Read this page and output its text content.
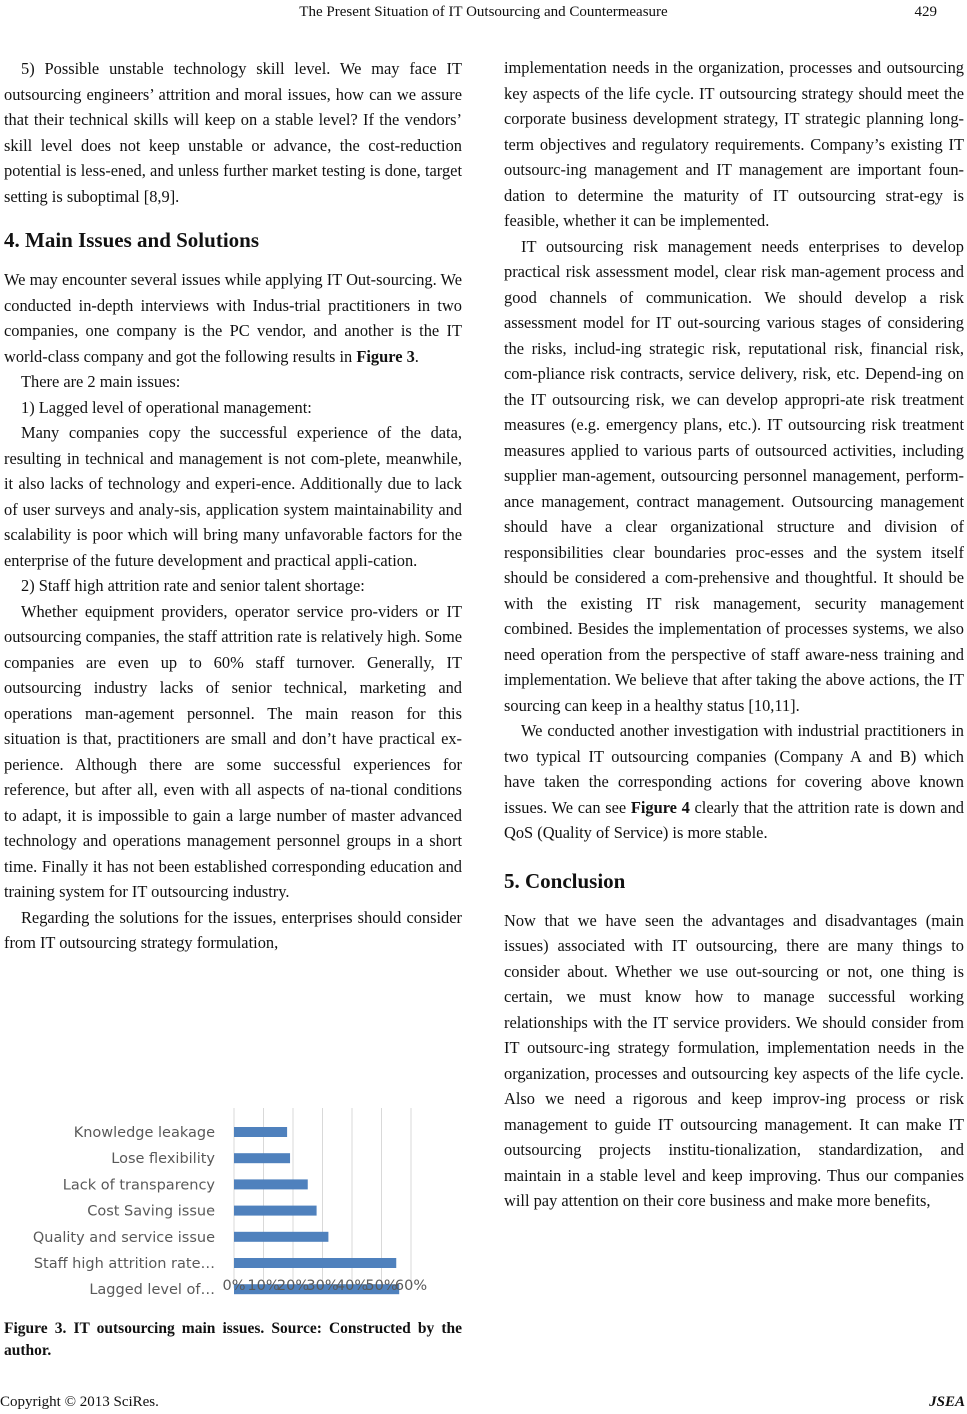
The Present Situation of IT Outsourcing and Countermeasure	429

5) Possible unstable technology skill level. We may face IT outsourcing engineers’ attrition and moral issues, how can we assure that their technical skills will keep on a stable level? If the vendors’ skill level does not keep unstable or advance, the cost-reduction potential is less-ened, and unless further market testing is done, target setting is suboptimal [8,9].

4. Main Issues and Solutions

We may encounter several issues while applying IT Out-sourcing. We conducted in-depth interviews with Indus-trial practitioners in two companies, one company is the PC vendor, and another is the IT world-class company and got the following results in Figure 3.

There are 2 main issues:

1) Lagged level of operational management:

Many companies copy the successful experience of the data, resulting in technical and management is not com-plete, meanwhile, it also lacks of technology and experi-ence. Additionally due to lack of user surveys and analy-sis, application system maintainability and scalability is poor which will bring many unfavorable factors for the enterprise of the future development and practical appli-cation.

2) Staff high attrition rate and senior talent shortage:

Whether equipment providers, operator service pro-viders or IT outsourcing companies, the staff attrition rate is relatively high. Some companies are even up to 60% staff turnover. Generally, IT outsourcing industry lacks of senior technical, marketing and operations man-agement personnel. The main reason for this situation is that, practitioners are small and don’t have practical ex-perience. Although there are some successful experiences for reference, but after all, even with all aspects of na-tional conditions to adapt, it is impossible to gain a large number of master advanced technology and operations management personnel groups in a short time. Finally it has not been established corresponding education and training system for IT outsourcing industry.

Regarding the solutions for the issues, enterprises should consider from IT outsourcing strategy formulation,

Knowledge leakage
Lose flexibility
Lack of transparency
Cost Saving issue
Quality and service issue
Staff high attrition rate…
Lagged level of… 0% 10%
20%
30%
40%
50%
60%
Figure 3. IT outsourcing main issues. Source: Constructed by the author.

implementation needs in the organization, processes and outsourcing key aspects of the life cycle. IT outsourcing strategy should meet the corporate business development strategy, IT strategic planning long-term objectives and regulatory requirements. Company’s existing IT outsourc-ing management and IT management are important foun-dation to determine the maturity of IT outsourcing strat-egy is feasible, whether it can be implemented.

IT outsourcing risk management needs enterprises to develop practical risk assessment model, clear risk man-agement process and good channels of communication. We should develop a risk assessment model for IT out-sourcing various stages of considering the risks, includ-ing strategic risk, reputational risk, financial risk, com-pliance risk contracts, service delivery, risk, etc. Depend-ing on the IT outsourcing risk, we can develop appropri-ate risk treatment measures (e.g. emergency plans, etc.). IT outsourcing risk treatment measures applied to various parts of outsourced activities, including supplier man-agement, outsourcing personnel management, perform-ance management, contract management. Outsourcing management should have a clear organizational structure and division of responsibilities clear boundaries proc-esses and the system itself should be considered a com-prehensive and thoughtful. It should be with the existing IT risk management, security management combined. Besides the implementation of processes systems, we also need operation from the perspective of staff aware-ness training and implementation. We believe that after taking the above actions, the IT sourcing can keep in a healthy status [10,11].

We conducted another investigation with industrial practitioners in two typical IT outsourcing companies (Company A and B) which have taken the corresponding actions for covering above known issues. We can see Figure 4 clearly that the attrition rate is down and QoS (Quality of Service) is more stable.

5. Conclusion

Now that we have seen the advantages and disadvantages (main issues) associated with IT outsourcing, there are many things to consider about. Whether we use out-sourcing or not, one thing is certain, we must know how to manage successful working relationships with the IT service providers. We should consider from IT outsourc-ing strategy formulation, implementation needs in the organization, processes and outsourcing key aspects of the life cycle. Also we need a rigorous and keep improv-ing process or risk management to guide IT outsourcing management. It can make IT outsourcing projects institu-tionalization, standardization, and maintain in a stable level and keep improving. Thus our companies will pay attention on their core business and make more benefits,

Copyright © 2013 SciRes.	JSEA
